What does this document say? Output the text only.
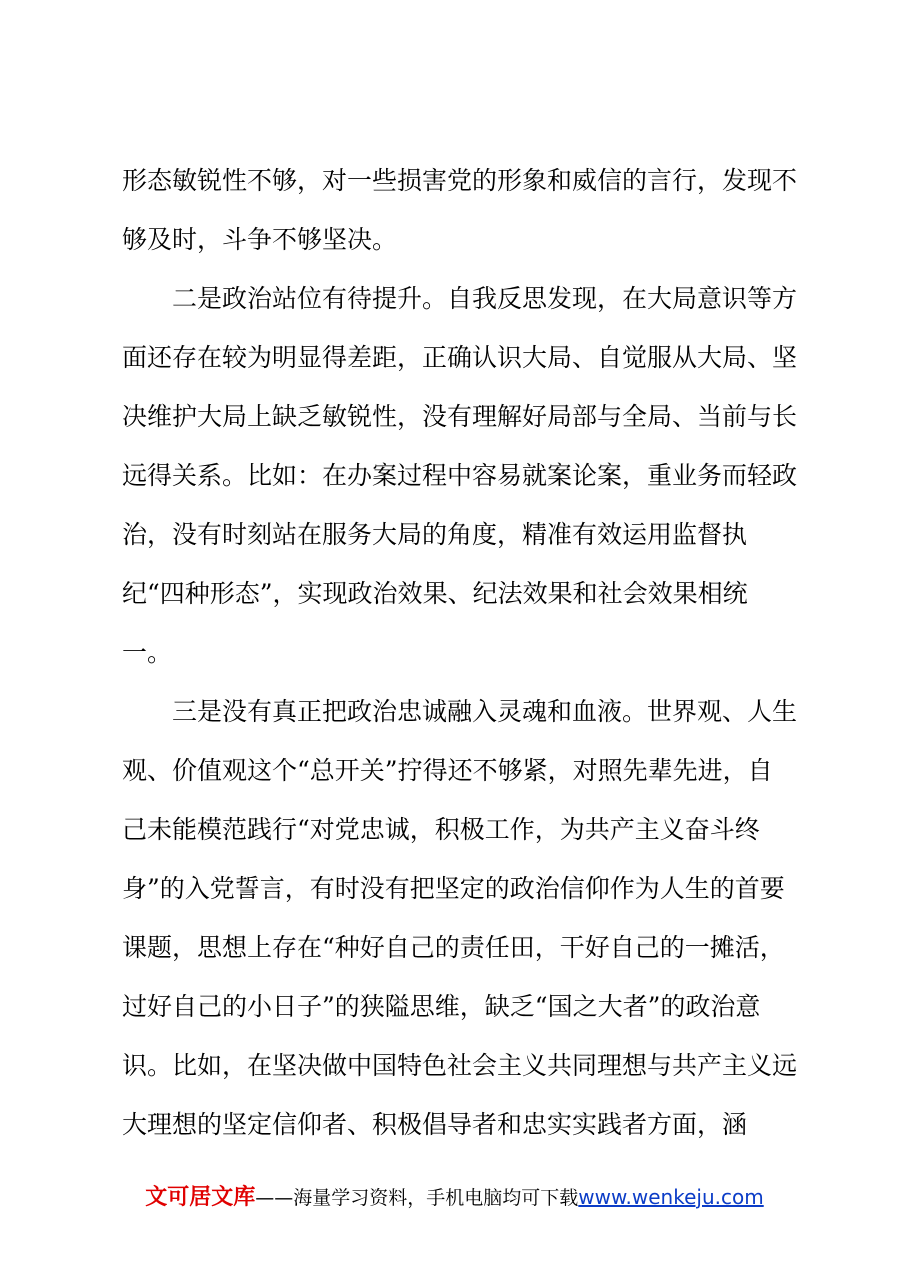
形态敏锐性不够，对一些损害党的形象和威信的言行，发现不
够及时，斗争不够坚决。
二是政治站位有待提升。自我反思发现，在大局意识等方
面还存在较为明显得差距，正确认识大局、自觉服从大局、坚
决维护大局上缺乏敏锐性，没有理解好局部与全局、当前与长
远得关系。比如：在办案过程中容易就案论案，重业务而轻政
治，没有时刻站在服务大局的角度，精准有效运用监督执
纪“四种形态”，实现政治效果、纪法效果和社会效果相统
一。
三是没有真正把政治忠诚融入灵魂和血液。世界观、人生
观、价值观这个“总开关”拧得还不够紧，对照先辈先进，自
己未能模范践行“对党忠诚，积极工作，为共产主义奋斗终
身”的入党誓言，有时没有把坚定的政治信仰作为人生的首要
课题，思想上存在“种好自己的责任田，干好自己的一摊活，
过好自己的小日子”的狭隘思维，缺乏“国之大者”的政治意
识。比如，在坚决做中国特色社会主义共同理想与共产主义远
大理想的坚定信仰者、积极倡导者和忠实实践者方面，涵
文可居文库——海量学习资料，手机电脑均可下载www.wenkeju.com
